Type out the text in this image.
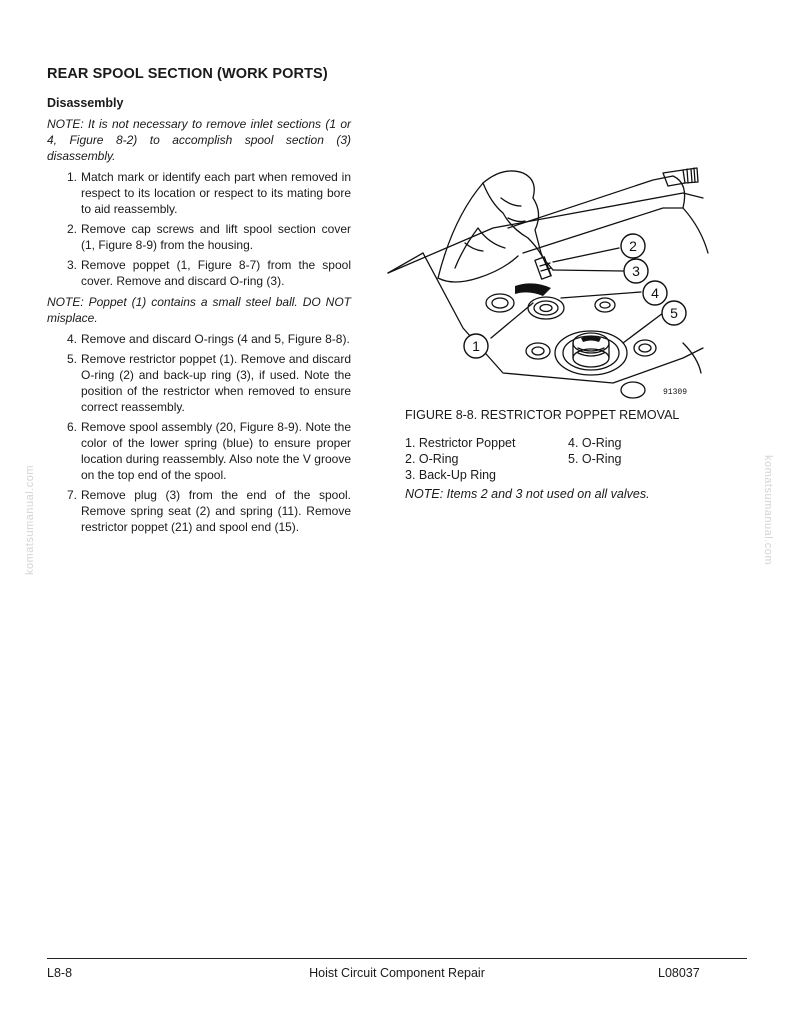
REAR SPOOL SECTION (WORK PORTS)
Disassembly

NOTE: It is not necessary to remove inlet sections (1 or 4, Figure 8-2) to accomplish spool section (3) disassembly.

1. Match mark or identify each part when removed in respect to its location or respect to its mating bore to aid reassembly.
2. Remove cap screws and lift spool section cover (1, Figure 8-9) from the housing.
3. Remove poppet (1, Figure 8-7) from the spool cover. Remove and discard O-ring (3).

NOTE: Poppet (1) contains a small steel ball. DO NOT misplace.

4. Remove and discard O-rings (4 and 5, Figure 8-8).
5. Remove restrictor poppet (1). Remove and discard O-ring (2) and back-up ring (3), if used. Note the position of the restrictor when removed to ensure correct reassembly.
6. Remove spool assembly (20, Figure 8-9). Note the color of the lower spring (blue) to ensure proper location during reassembly. Also note the V groove on the top end of the spool.
7. Remove plug (3) from the end of the spool. Remove spring seat (2) and spring (11). Remove restrictor poppet (21) and spool end (15).
2
3
4
5
1
91309
FIGURE 8-8. RESTRICTOR POPPET REMOVAL
1. Restrictor Poppet
2. O-Ring
3. Back-Up Ring
4. O-Ring
5. O-Ring
NOTE: Items 2 and 3 not used on all valves.
komatsumanual.com	komatsumanual.com
L8-8	Hoist Circuit Component Repair	L08037
